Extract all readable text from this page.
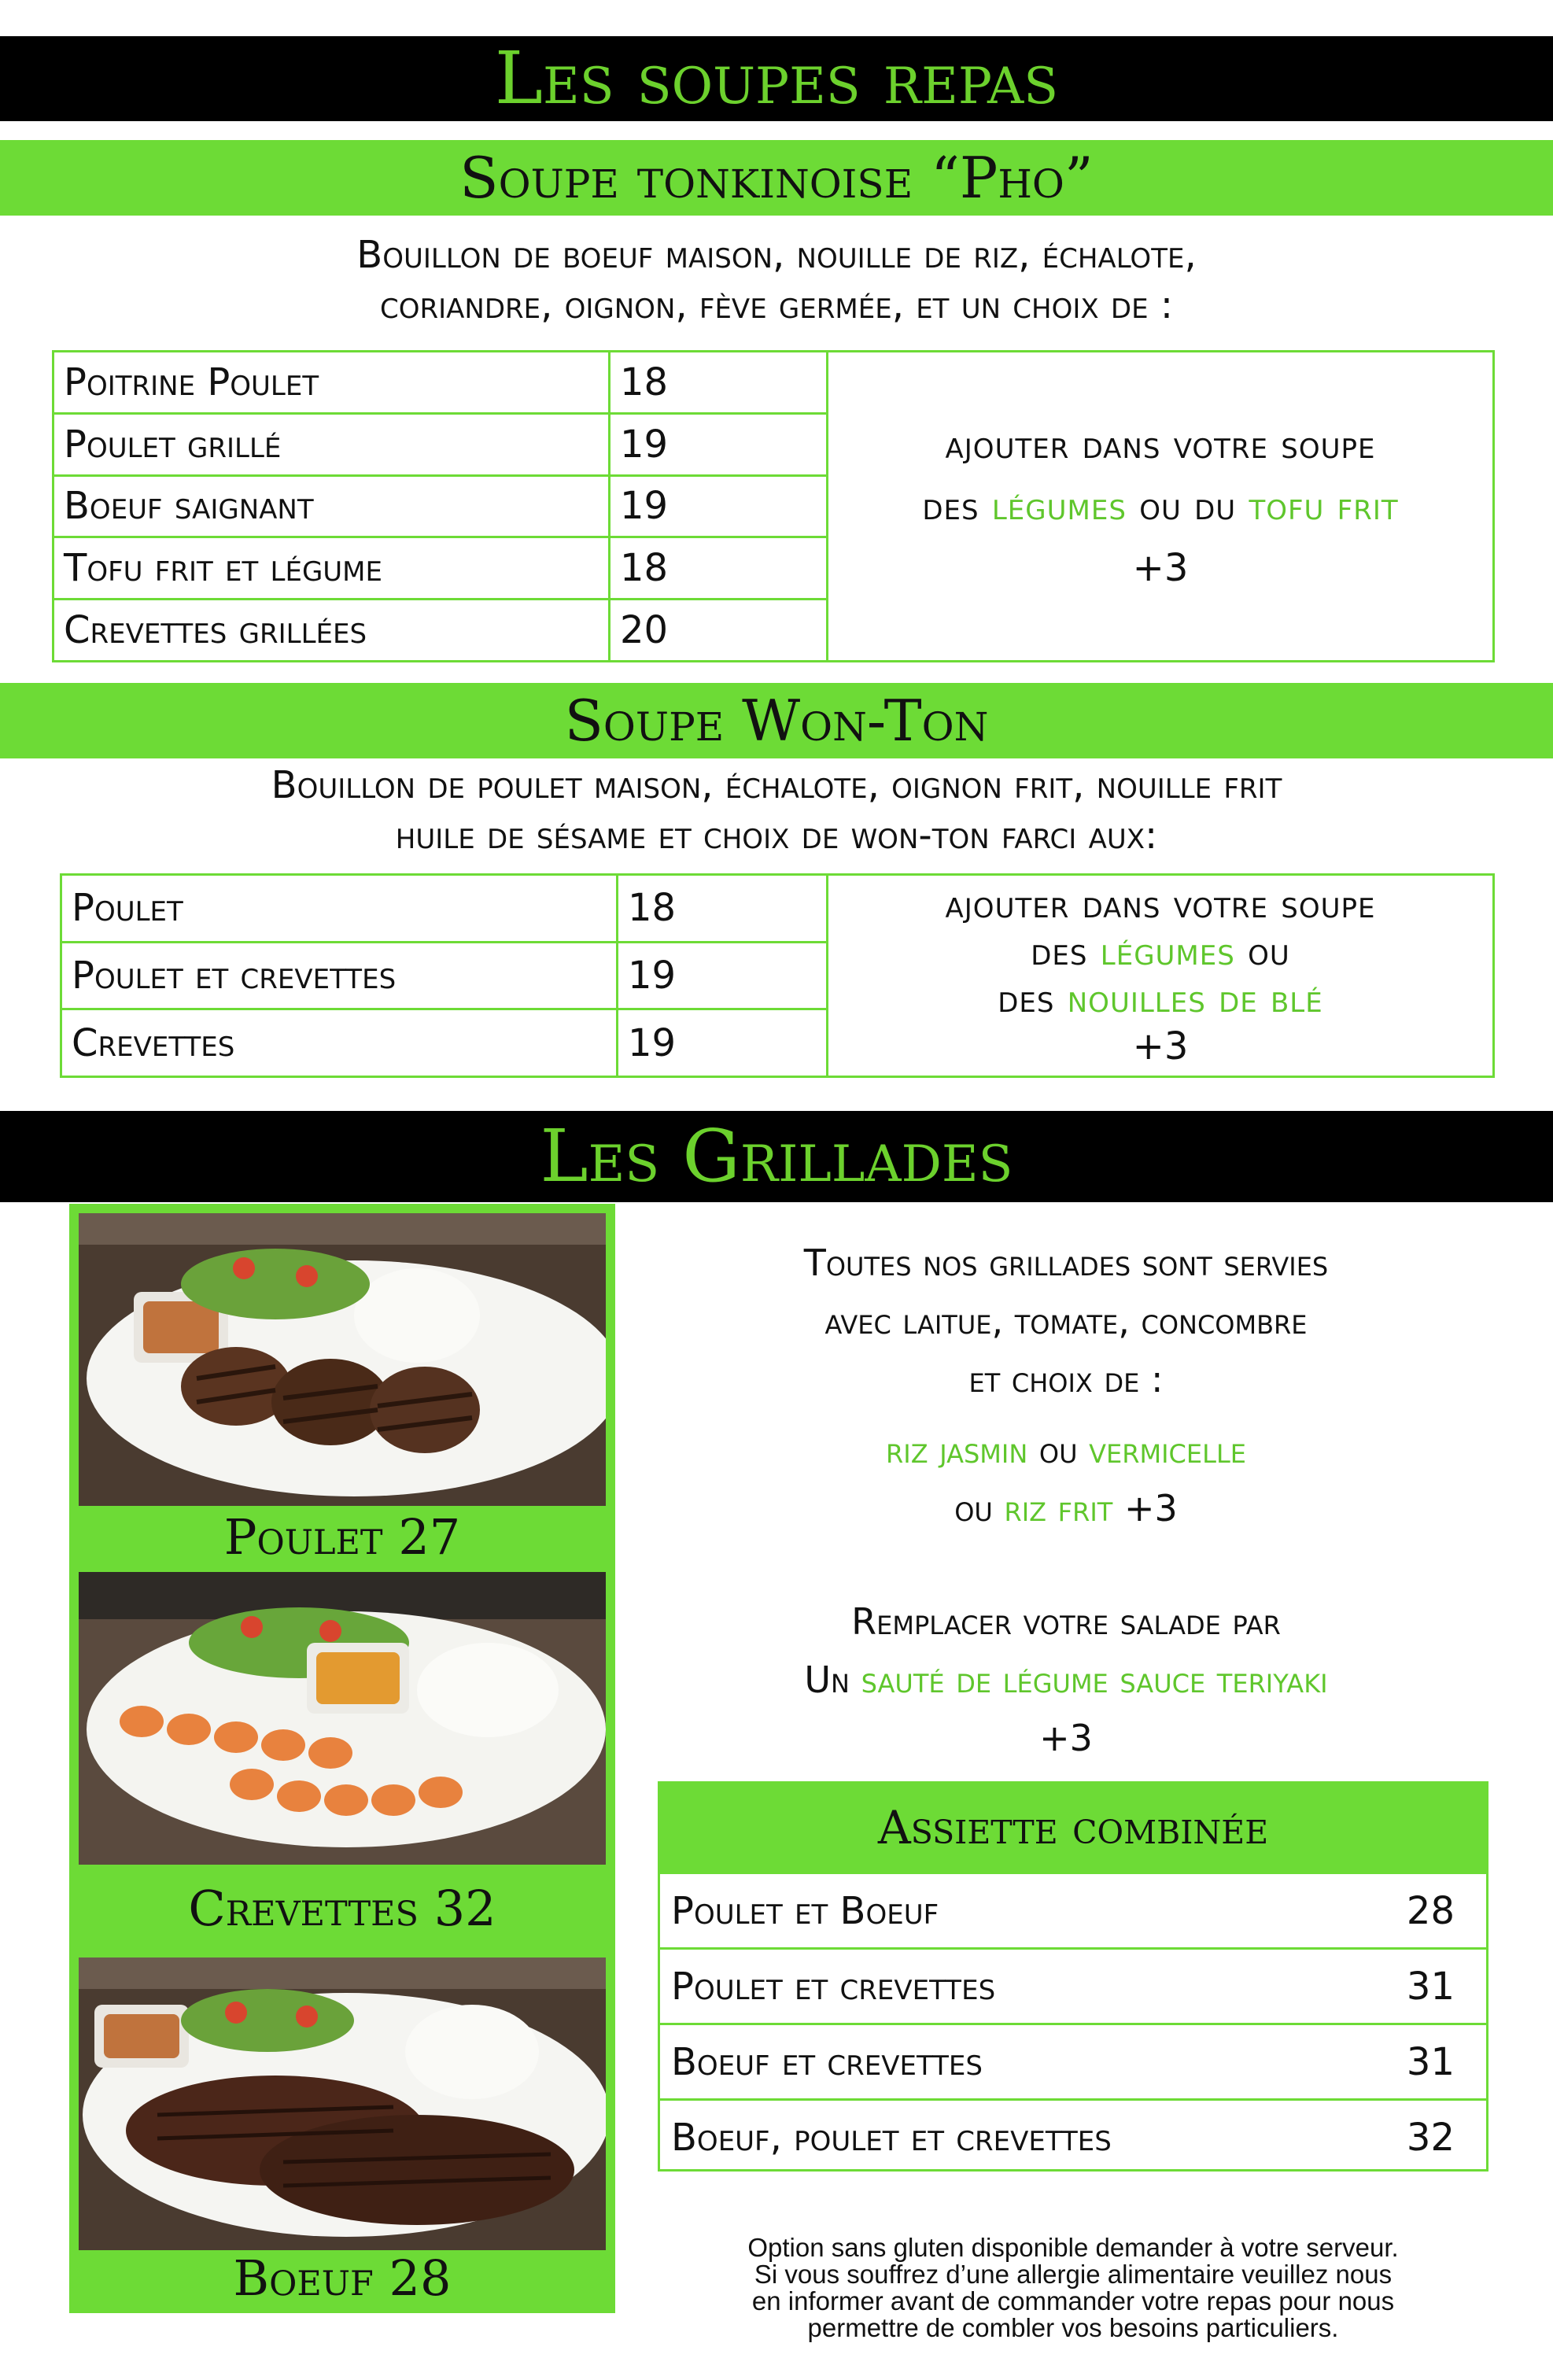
Les soupes repas
Soupe tonkinoise “Pho”
Bouillon de boeuf maison, nouille de riz, échalote,
coriandre, oignon, fève germée, et un choix de :
Poitrine Poulet	18	ajouter dans votre soupe
des légumes ou du tofu frit
+3

Poulet grillé	19	
Boeuf saignant	19	
Tofu frit et légume	18	
Crevettes grillées	20	
Soupe Won-Ton
Bouillon de poulet maison, échalote, oignon frit, nouille frit
huile de sésame et choix de won-ton farci aux:
Poulet	18	ajouter dans votre soupe
des légumes ou
des nouilles de blé
+3

Poulet et crevettes	19	
Crevettes	19	
Les Grillades
Poulet 27
Crevettes 32
Boeuf 28
Toutes nos grillades sont servies
avec laitue, tomate, concombre
et choix de :
riz jasmin ou vermicelle
ou riz frit +3
Remplacer votre salade par
Un sauté de légume sauce teriyaki
+3
Assiette combinée
Poulet et Boeuf	28
Poulet et crevettes	31
Boeuf et crevettes	31
Boeuf, poulet et crevettes	32
Option sans gluten disponible demander à votre serveur.
Si vous souffrez d’une allergie alimentaire veuillez nous
en informer avant de commander votre repas pour nous
permettre de combler vos besoins particuliers.
